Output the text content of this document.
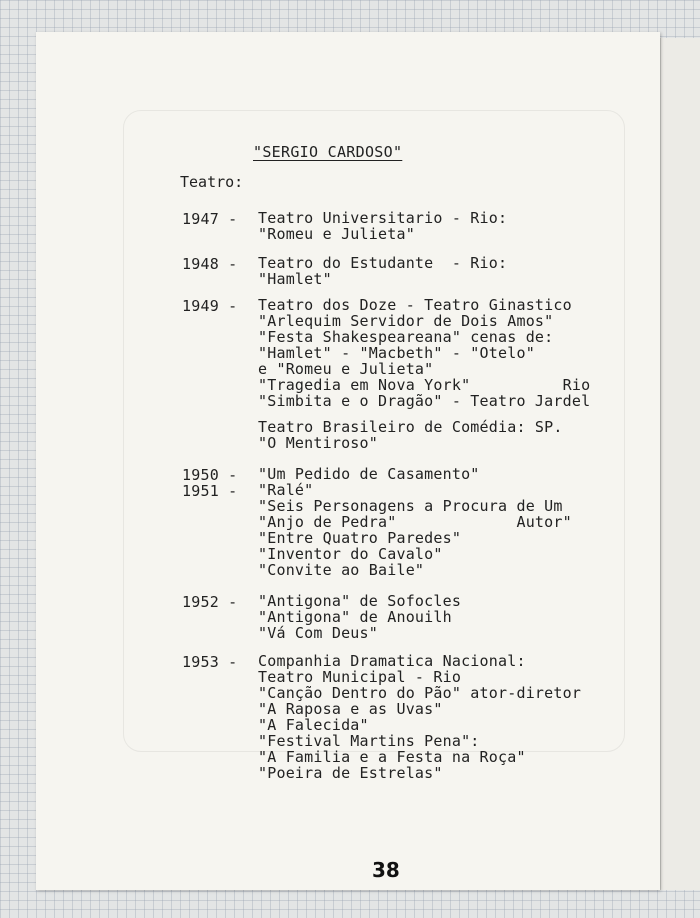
"SERGIO CARDOSO"
Teatro:
1947 - Teatro Universitario - Rio:
"Romeu e Julieta"
1948 - Teatro do Estudante  - Rio:
"Hamlet"
1949 - Teatro dos Doze - Teatro Ginastico
"Arlequim Servidor de Dois Amos"
"Festa Shakespeareana" cenas de:
"Hamlet" - "Macbeth" - "Otelo"
e "Romeu e Julieta"
"Tragedia em Nova York"          Rio
"Simbita e o Dragão" - Teatro Jardel
Teatro Brasileiro de Comédia: SP.
"O Mentiroso"
1950 - "Um Pedido de Casamento"
1951 - "Ralé"
"Seis Personagens a Procura de Um
"Anjo de Pedra"             Autor"
"Entre Quatro Paredes"
"Inventor do Cavalo"
"Convite ao Baile"
1952 - "Antigona" de Sofocles
"Antigona" de Anouilh
"Vá Com Deus"
1953 - Companhia Dramatica Nacional:
Teatro Municipal - Rio
"Canção Dentro do Pão" ator-diretor
"A Raposa e as Uvas"
"A Falecida"
"Festival Martins Pena":
"A Familia e a Festa na Roça"
"Poeira de Estrelas"
38
